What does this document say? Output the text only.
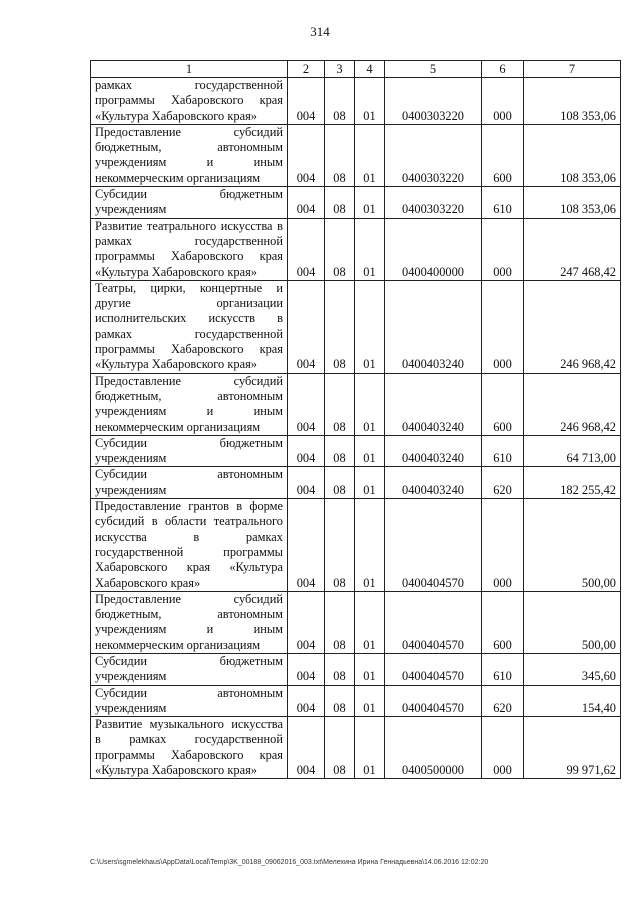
314
1	2	3	4	5	6	7
рамках государственной программы Хабаровского края «Культура Хабаровского края»	004	08	01	0400303220	000	108 353,06
Предоставление субсидий бюджетным, автономным учреждениям и иным некоммерческим организациям	004	08	01	0400303220	600	108 353,06
Субсидии бюджетным учреждениям	004	08	01	0400303220	610	108 353,06
Развитие театрального искусства в рамках государственной программы Хабаровского края «Культура Хабаровского края»	004	08	01	0400400000	000	247 468,42
Театры, цирки, концертные и другие организации исполнительских искусств в рамках государственной программы Хабаровского края «Культура Хабаровского края»	004	08	01	0400403240	000	246 968,42
Предоставление субсидий бюджетным, автономным учреждениям и иным некоммерческим организациям	004	08	01	0400403240	600	246 968,42
Субсидии бюджетным учреждениям	004	08	01	0400403240	610	64 713,00
Субсидии автономным учреждениям	004	08	01	0400403240	620	182 255,42
Предоставление грантов в форме субсидий в области театрального искусства в рамках государственной программы Хабаровского края «Культура Хабаровского края»	004	08	01	0400404570	000	500,00
Предоставление субсидий бюджетным, автономным учреждениям и иным некоммерческим организациям	004	08	01	0400404570	600	500,00
Субсидии бюджетным учреждениям	004	08	01	0400404570	610	345,60
Субсидии автономным учреждениям	004	08	01	0400404570	620	154,40
Развитие музыкального искусства в рамках государственной программы Хабаровского края «Культура Хабаровского края»	004	08	01	0400500000	000	99 971,62
C:\Users\sgmelekhaus\AppData\Local\Temp\3K_00188_09062016_003.txt\Мелехина Ирина Геннадьевна\14.06.2016 12:02:20
